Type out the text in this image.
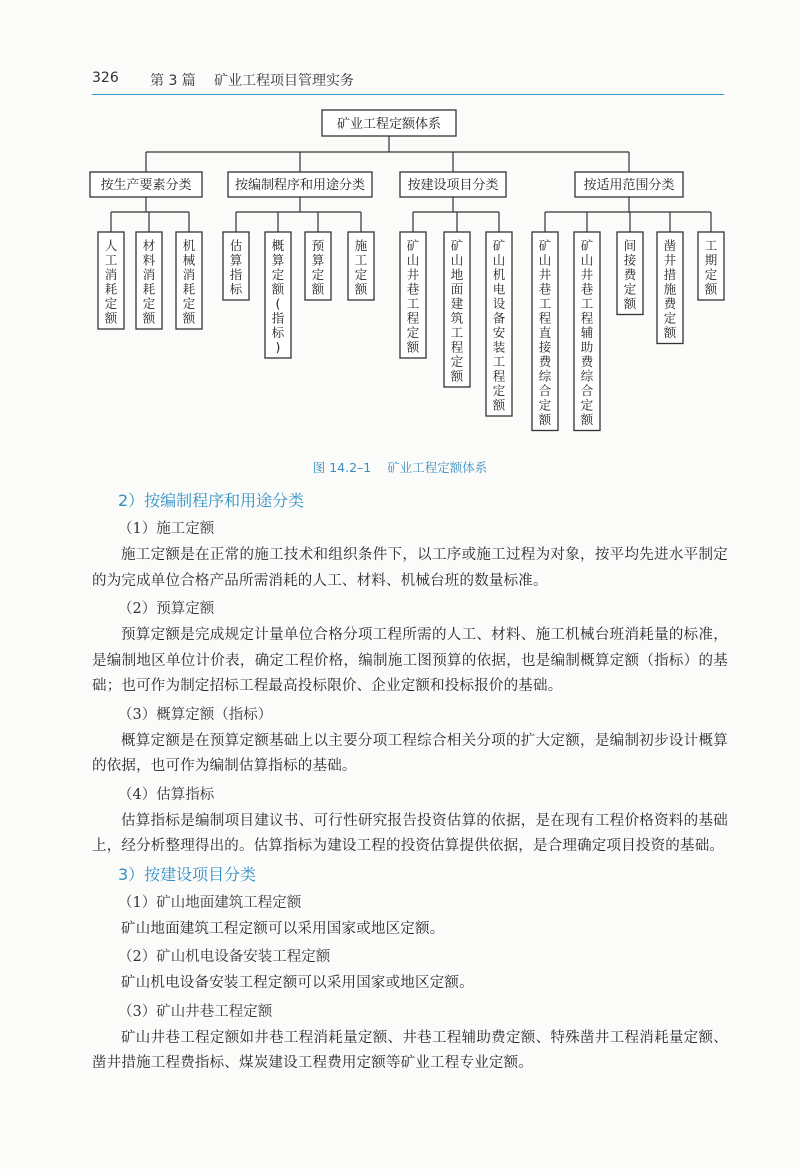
326 第 3 篇 矿业工程项目管理实务
矿业工程定额体系
按生产要素分类
人工消耗定额
材料消耗定额
机械消耗定额
按编制程序和用途分类
估算指标
概算定额(指标)
预算定额
施工定额
按建设项目分类
矿山井巷工程定额
矿山地面建筑工程定额
矿山机电设备安装工程定额
按适用范围分类
矿山井巷工程直接费综合定额
矿山井巷工程辅助费综合定额
间接费定额
凿井措施费定额
工期定额
图 14.2–1 矿业工程定额体系
2）按编制程序和用途分类
（1）施工定额
施工定额是在正常的施工技术和组织条件下，以工序或施工过程为对象，按平均先进水平制定的为完成单位合格产品所需消耗的人工、材料、机械台班的数量标准。
（2）预算定额
预算定额是完成规定计量单位合格分项工程所需的人工、材料、施工机械台班消耗量的标准，是编制地区单位计价表，确定工程价格，编制施工图预算的依据，也是编制概算定额（指标）的基础；也可作为制定招标工程最高投标限价、企业定额和投标报价的基础。
（3）概算定额（指标）
概算定额是在预算定额基础上以主要分项工程综合相关分项的扩大定额，是编制初步设计概算的依据，也可作为编制估算指标的基础。
（4）估算指标
估算指标是编制项目建议书、可行性研究报告投资估算的依据，是在现有工程价格资料的基础上，经分析整理得出的。估算指标为建设工程的投资估算提供依据，是合理确定项目投资的基础。
3）按建设项目分类
（1）矿山地面建筑工程定额
矿山地面建筑工程定额可以采用国家或地区定额。
（2）矿山机电设备安装工程定额
矿山机电设备安装工程定额可以采用国家或地区定额。
（3）矿山井巷工程定额
矿山井巷工程定额如井巷工程消耗量定额、井巷工程辅助费定额、特殊凿井工程消耗量定额、凿井措施工程费指标、煤炭建设工程费用定额等矿业工程专业定额。
